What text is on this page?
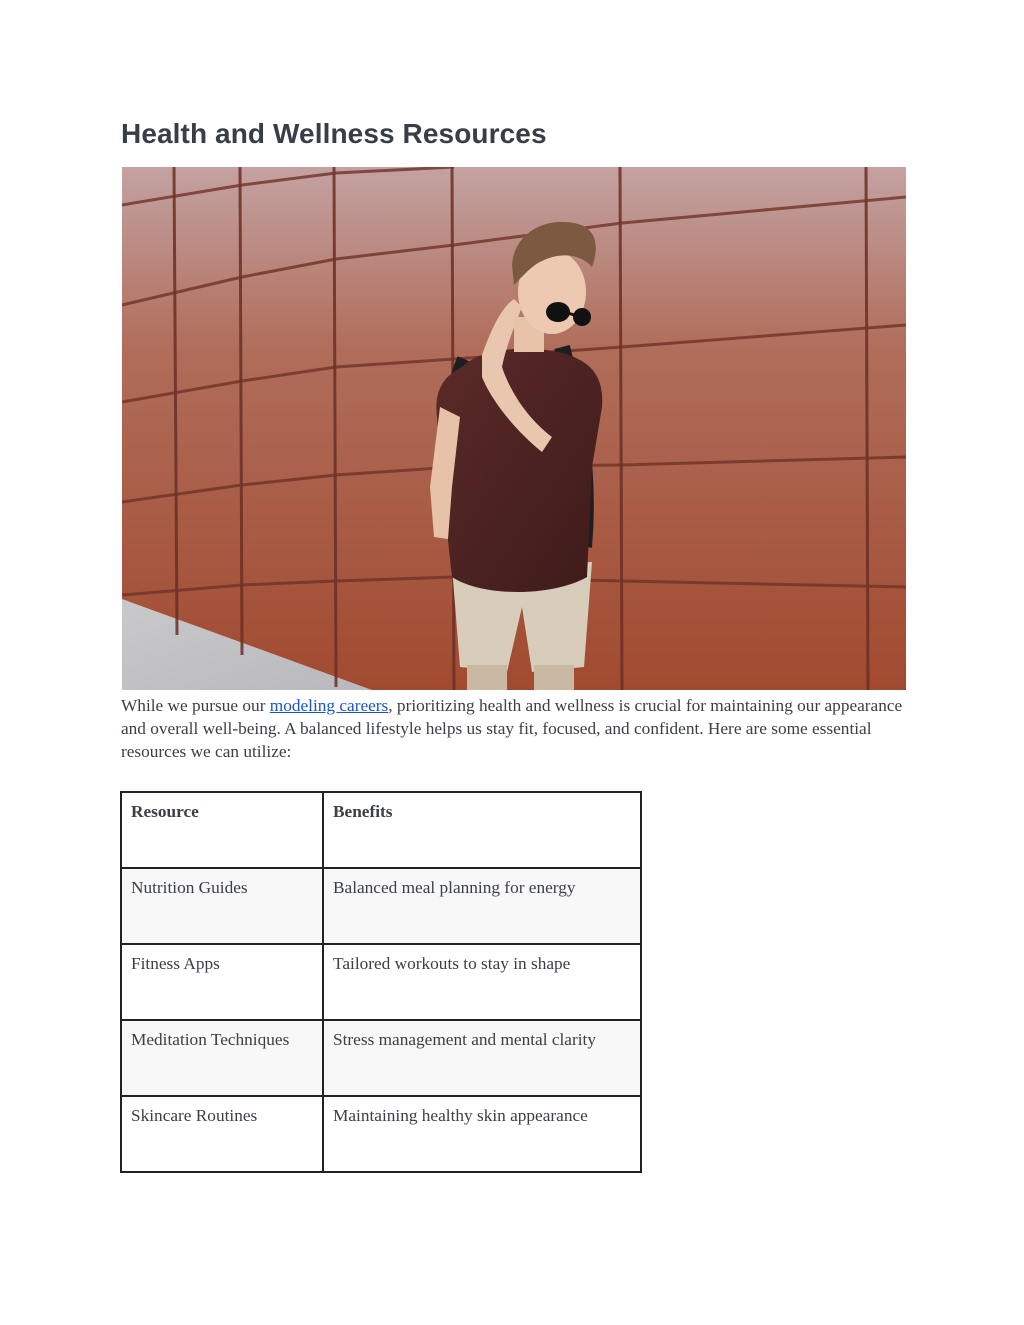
Health and Wellness Resources

While we pursue our modeling careers, prioritizing health and wellness is crucial for maintaining our appearance and overall well-being. A balanced lifestyle helps us stay fit, focused, and confident. Here are some essential resources we can utilize:

Resource	Benefits
Nutrition Guides	Balanced meal planning for energy
Fitness Apps	Tailored workouts to stay in shape
Meditation Techniques	Stress management and mental clarity
Skincare Routines	Maintaining healthy skin appearance
